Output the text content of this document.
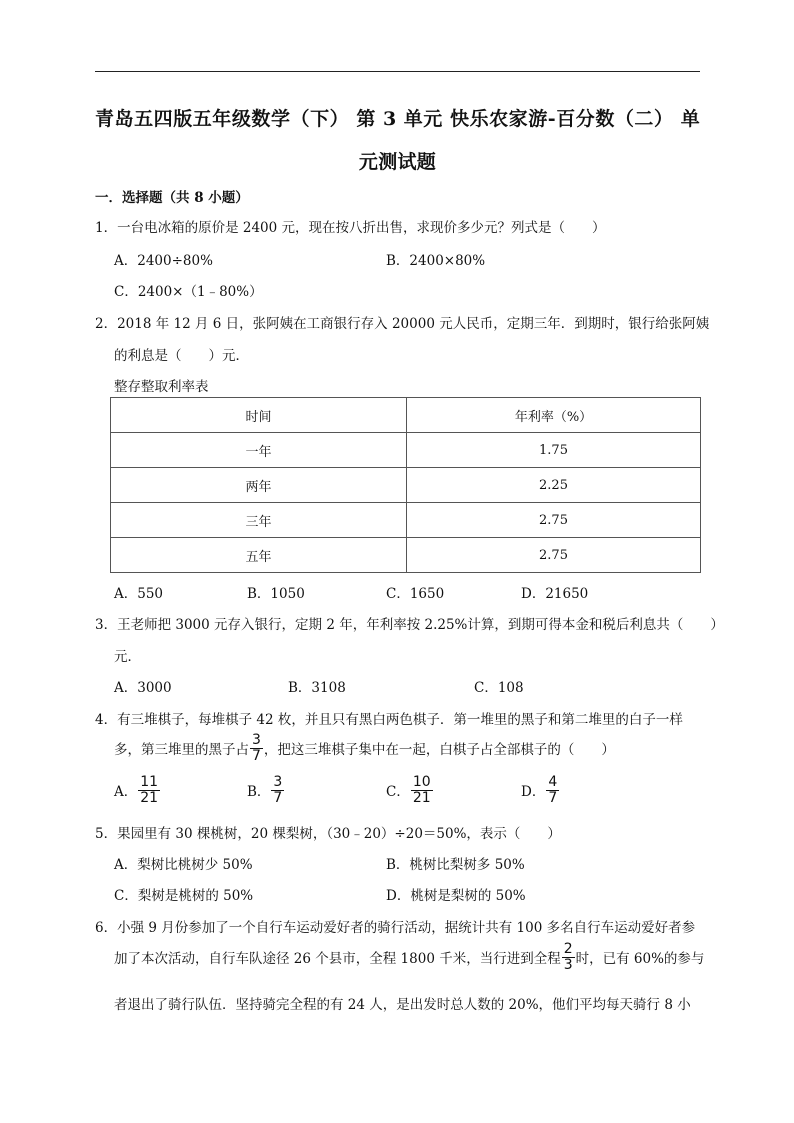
青岛五四版五年级数学（下） 第 3 单元 快乐农家游-百分数（二） 单
元测试题
一．选择题（共 8 小题）
1．一台电冰箱的原价是 2400 元，现在按八折出售，求现价多少元？列式是（　　）
A．2400÷80%	B．2400×80%
C．2400×（1﹣80%）
2．2018 年 12 月 6 日，张阿姨在工商银行存入 20000 元人民币，定期三年．到期时，银行给张阿姨
的利息是（　　）元．
整存整取利率表
时间	年利率（%）
一年	1.75
两年	2.25
三年	2.75
五年	2.75
A．550	B．1050	C．1650	D．21650
3．王老师把 3000 元存入银行，定期 2 年，年利率按 2.25%计算，到期可得本金和税后利息共（　　）
元．
A．3000	B．3108	C．108
4．有三堆棋子，每堆棋子 42 枚，并且只有黑白两色棋子．第一堆里的黑子和第二堆里的白子一样
多，第三堆里的黑子占 $\frac{3}{7}$ ，把这三堆棋子集中在一起，白棋子占全部棋子的（　　）
A． $\frac{11}{21}$	B． $\frac{3}{7}$	C． $\frac{10}{21}$	D． $\frac{4}{7}$
5．果园里有 30 棵桃树，20 棵梨树，（30﹣20）÷20＝50%，表示（　　）
A．梨树比桃树少 50%	B．桃树比梨树多 50%
C．梨树是桃树的 50%	D．桃树是梨树的 50%
6．小强 9 月份参加了一个自行车运动爱好者的骑行活动，据统计共有 100 多名自行车运动爱好者参
加了本次活动，自行车队途径 26 个县市，全程 1800 千米，当行进到全程 $\frac{2}{3}$ 时，已有 60%的参与
者退出了骑行队伍．坚持骑完全程的有 24 人，是出发时总人数的 20%，他们平均每天骑行 8 小
